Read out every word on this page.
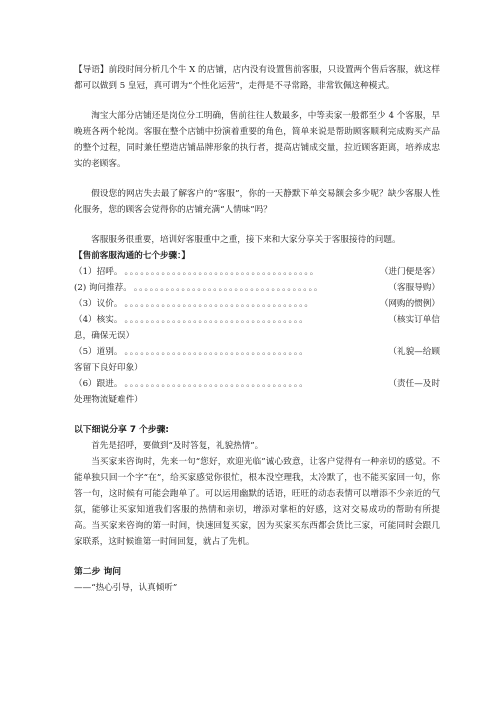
【导语】前段时间分析几个牛 X 的店铺，店内没有设置售前客服，只设置两个售后客服，就这样都可以做到 5 皇冠，真可谓为“个性化运营”，走得是不寻常路，非常钦佩这种模式。

淘宝大部分店铺还是岗位分工明确，售前往往人数最多，中等卖家一般都至少 4 个客服，早晚班各两个轮岗。客服在整个店铺中扮演着重要的角色，简单来说是帮助顾客顺利完成购买产品的整个过程，同时兼任塑造店铺品牌形象的执行者，提高店铺成交量，拉近顾客距离，培养成忠实的老顾客。

假设您的网店失去最了解客户的“客服”，你的一天静默下单交易额会多少呢？缺少客服人性化服务，您的顾客会觉得你的店铺充满“人情味”吗？

客服服务很重要，培训好客服重中之重，接下来和大家分享关于客服接待的问题。

【售前客服沟通的七个步骤：】

（1）招呼。 。。。。。。。。。。。。。。。。。。。。。。。。。。。。。。。。。。。。	（进门便是客）
(2) 询问推荐。 。。。。。。。。。。。。。。。。。。。。。。。。。。。。。。。。。。。	（客服导购）
（3）议价。 。。。。。。。。。。。。。。。。。。。。。。。。。。。。。。。。。。。	（网购的惯例）
（4）核实。 。。。。。。。。。。。。。。。。。。。。。。。。。。。。。。。。。。	（核实订单信

息，确保无误）

（5）道别。 。。。。。。。。。。。。。。。。。。。。。。。。。。。。。。。。。。	（礼貌—给顾

客留下良好印象）

（6）跟进。 。。。。。。。。。。。。。。。。。。。。。。。。。。。。。。。。。。	（责任—及时

处理物流疑难件）

以下细说分享 7 个步骤:

首先是招呼，要做到“及时答复，礼貌热情”。

当买家来咨询时，先来一句“您好，欢迎光临”诚心致意，让客户觉得有一种亲切的感觉。不能单独只回一个字“在”，给买家感觉你很忙，根本没空理我，太冷默了，也不能买家回一句，你答一句，这时候有可能会跑单了。可以运用幽默的话语，旺旺的动态表情可以增添不少亲近的气氛，能够让买家知道我们客服的热情和亲切，增添对掌柜的好感，这对交易成功的帮助有所提高。当买家来咨询的第一时间，快速回复买家，因为买家买东西都会货比三家，可能同时会跟几家联系，这时候谁第一时间回复，就占了先机。

第二步 询问

——“热心引导，认真倾听”
